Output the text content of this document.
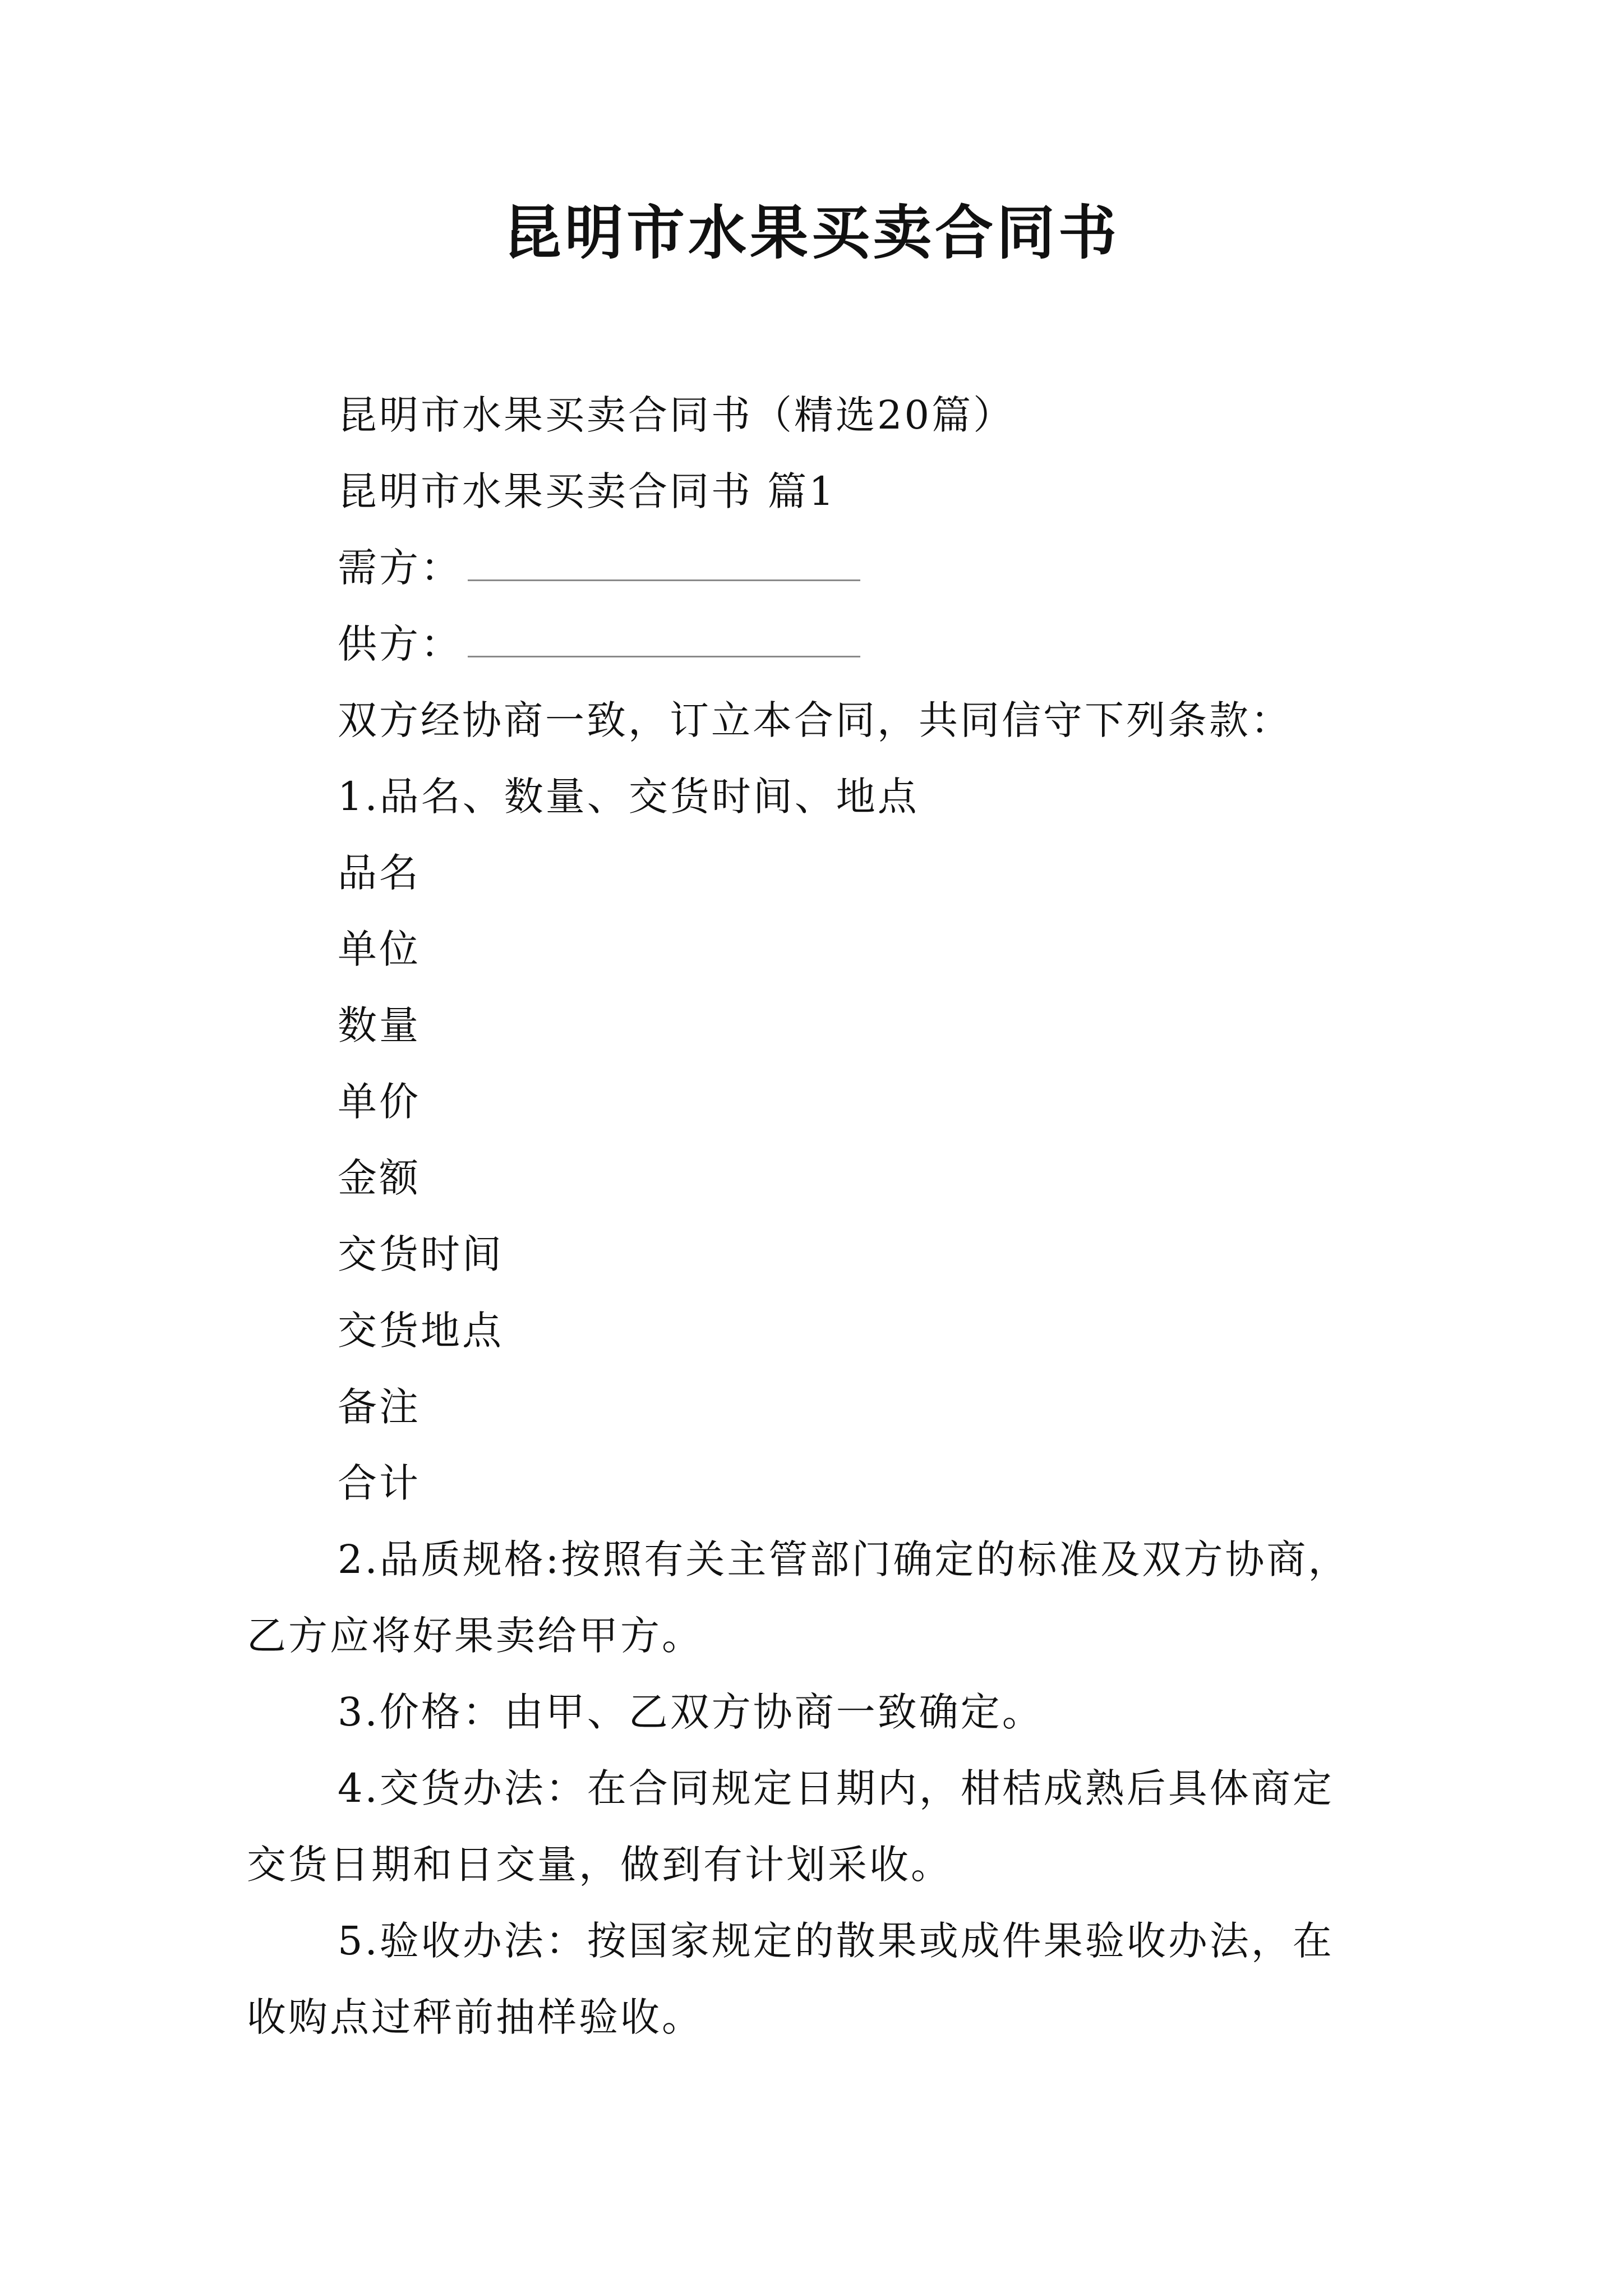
昆明市水果买卖合同书
昆明市水果买卖合同书（精选20篇）
昆明市水果买卖合同书 篇1
需方：
供方：
双方经协商一致，订立本合同，共同信守下列条款：
1.品名、数量、交货时间、地点
品名
单位
数量
单价
金额
交货时间
交货地点
备注
合计
2.品质规格:按照有关主管部门确定的标准及双方协商，
乙方应将好果卖给甲方。
3.价格：由甲、乙双方协商一致确定。
4.交货办法：在合同规定日期内，柑桔成熟后具体商定
交货日期和日交量，做到有计划采收。
5.验收办法：按国家规定的散果或成件果验收办法，在
收购点过秤前抽样验收。
